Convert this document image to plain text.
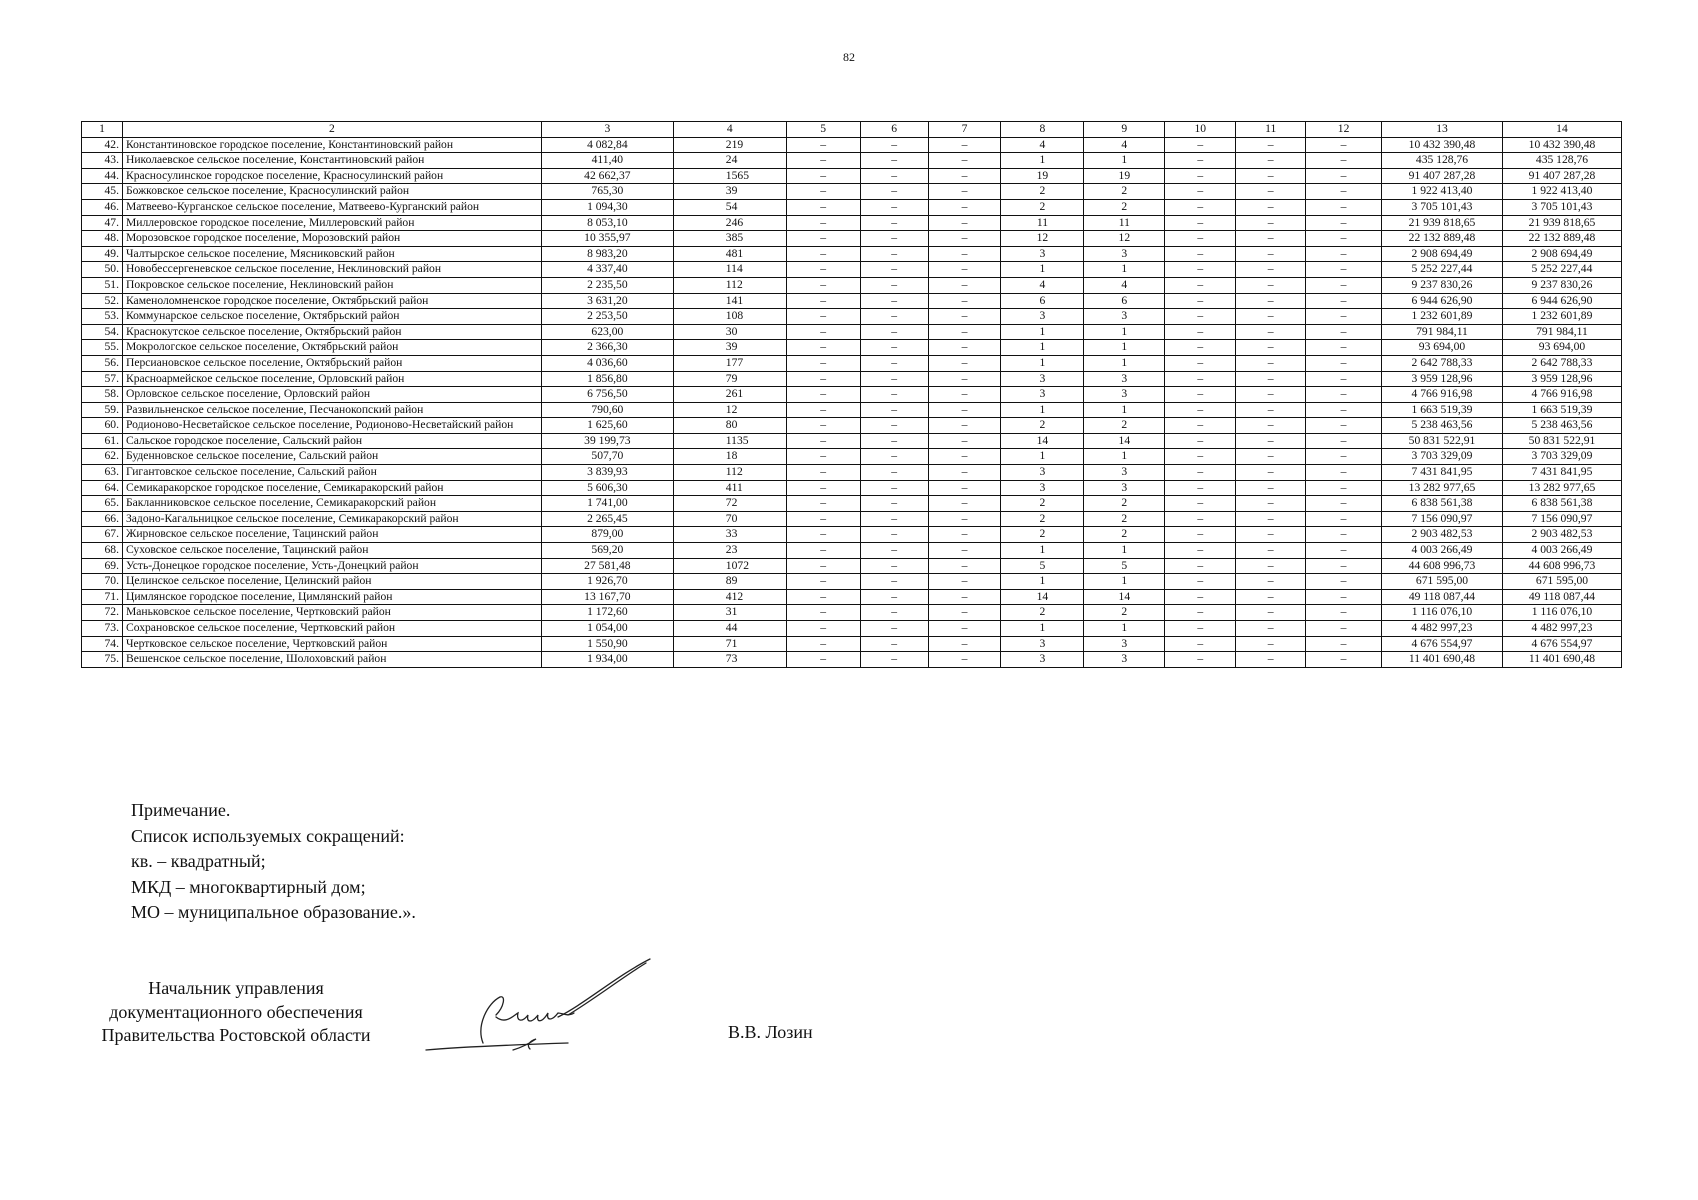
82
1	2	3	4	5	6	7	8	9	10	11	12	13	14
42.	Константиновское городское поселение, Константиновский район	4 082,84	219	–	–	–	4	4	–	–	–	10 432 390,48	10 432 390,48
43.	Николаевское сельское поселение, Константиновский район	411,40	24	–	–	–	1	1	–	–	–	435 128,76	435 128,76
44.	Красносулинское городское поселение, Красносулинский район	42 662,37	1565	–	–	–	19	19	–	–	–	91 407 287,28	91 407 287,28
45.	Божковское сельское поселение, Красносулинский район	765,30	39	–	–	–	2	2	–	–	–	1 922 413,40	1 922 413,40
46.	Матвеево-Курганское сельское поселение, Матвеево-Курганский район	1 094,30	54	–	–	–	2	2	–	–	–	3 705 101,43	3 705 101,43
47.	Миллеровское городское поселение, Миллеровский район	8 053,10	246	–	–	–	11	11	–	–	–	21 939 818,65	21 939 818,65
48.	Морозовское городское поселение, Морозовский район	10 355,97	385	–	–	–	12	12	–	–	–	22 132 889,48	22 132 889,48
49.	Чалтырское сельское поселение, Мясниковский район	8 983,20	481	–	–	–	3	3	–	–	–	2 908 694,49	2 908 694,49
50.	Новобессергеневское сельское поселение, Неклиновский район	4 337,40	114	–	–	–	1	1	–	–	–	5 252 227,44	5 252 227,44
51.	Покровское сельское поселение, Неклиновский район	2 235,50	112	–	–	–	4	4	–	–	–	9 237 830,26	9 237 830,26
52.	Каменоломненское городское поселение, Октябрьский район	3 631,20	141	–	–	–	6	6	–	–	–	6 944 626,90	6 944 626,90
53.	Коммунарское сельское поселение, Октябрьский район	2 253,50	108	–	–	–	3	3	–	–	–	1 232 601,89	1 232 601,89
54.	Краснокутское сельское поселение, Октябрьский район	623,00	30	–	–	–	1	1	–	–	–	791 984,11	791 984,11
55.	Мокрологское сельское поселение, Октябрьский район	2 366,30	39	–	–	–	1	1	–	–	–	93 694,00	93 694,00
56.	Персиановское сельское поселение, Октябрьский район	4 036,60	177	–	–	–	1	1	–	–	–	2 642 788,33	2 642 788,33
57.	Красноармейское сельское поселение, Орловский район	1 856,80	79	–	–	–	3	3	–	–	–	3 959 128,96	3 959 128,96
58.	Орловское сельское поселение, Орловский район	6 756,50	261	–	–	–	3	3	–	–	–	4 766 916,98	4 766 916,98
59.	Развильненское сельское поселение, Песчанокопский район	790,60	12	–	–	–	1	1	–	–	–	1 663 519,39	1 663 519,39
60.	Родионово-Несветайское сельское поселение, Родионово-Несветайский район	1 625,60	80	–	–	–	2	2	–	–	–	5 238 463,56	5 238 463,56
61.	Сальское городское поселение, Сальский район	39 199,73	1135	–	–	–	14	14	–	–	–	50 831 522,91	50 831 522,91
62.	Буденновское сельское поселение, Сальский район	507,70	18	–	–	–	1	1	–	–	–	3 703 329,09	3 703 329,09
63.	Гигантовское сельское поселение, Сальский район	3 839,93	112	–	–	–	3	3	–	–	–	7 431 841,95	7 431 841,95
64.	Семикаракорское городское поселение, Семикаракорский район	5 606,30	411	–	–	–	3	3	–	–	–	13 282 977,65	13 282 977,65
65.	Бакланниковское сельское поселение, Семикаракорский район	1 741,00	72	–	–	–	2	2	–	–	–	6 838 561,38	6 838 561,38
66.	Задоно-Кагальницкое сельское поселение, Семикаракорский район	2 265,45	70	–	–	–	2	2	–	–	–	7 156 090,97	7 156 090,97
67.	Жирновское сельское поселение, Тацинский район	879,00	33	–	–	–	2	2	–	–	–	2 903 482,53	2 903 482,53
68.	Суховское сельское поселение, Тацинский район	569,20	23	–	–	–	1	1	–	–	–	4 003 266,49	4 003 266,49
69.	Усть-Донецкое городское поселение, Усть-Донецкий район	27 581,48	1072	–	–	–	5	5	–	–	–	44 608 996,73	44 608 996,73
70.	Целинское сельское поселение, Целинский район	1 926,70	89	–	–	–	1	1	–	–	–	671 595,00	671 595,00
71.	Цимлянское городское поселение, Цимлянский район	13 167,70	412	–	–	–	14	14	–	–	–	49 118 087,44	49 118 087,44
72.	Маньковское сельское поселение, Чертковский район	1 172,60	31	–	–	–	2	2	–	–	–	1 116 076,10	1 116 076,10
73.	Сохрановское сельское поселение, Чертковский район	1 054,00	44	–	–	–	1	1	–	–	–	4 482 997,23	4 482 997,23
74.	Чертковское сельское поселение, Чертковский район	1 550,90	71	–	–	–	3	3	–	–	–	4 676 554,97	4 676 554,97
75.	Вешенское сельское поселение, Шолоховский район	1 934,00	73	–	–	–	3	3	–	–	–	11 401 690,48	11 401 690,48
Примечание.
Список используемых сокращений:
кв. – квадратный;
МКД – многоквартирный дом;
МО – муниципальное образование.».
Начальник управления
документационного обеспечения
Правительства Ростовской области	В.В. Лозин
